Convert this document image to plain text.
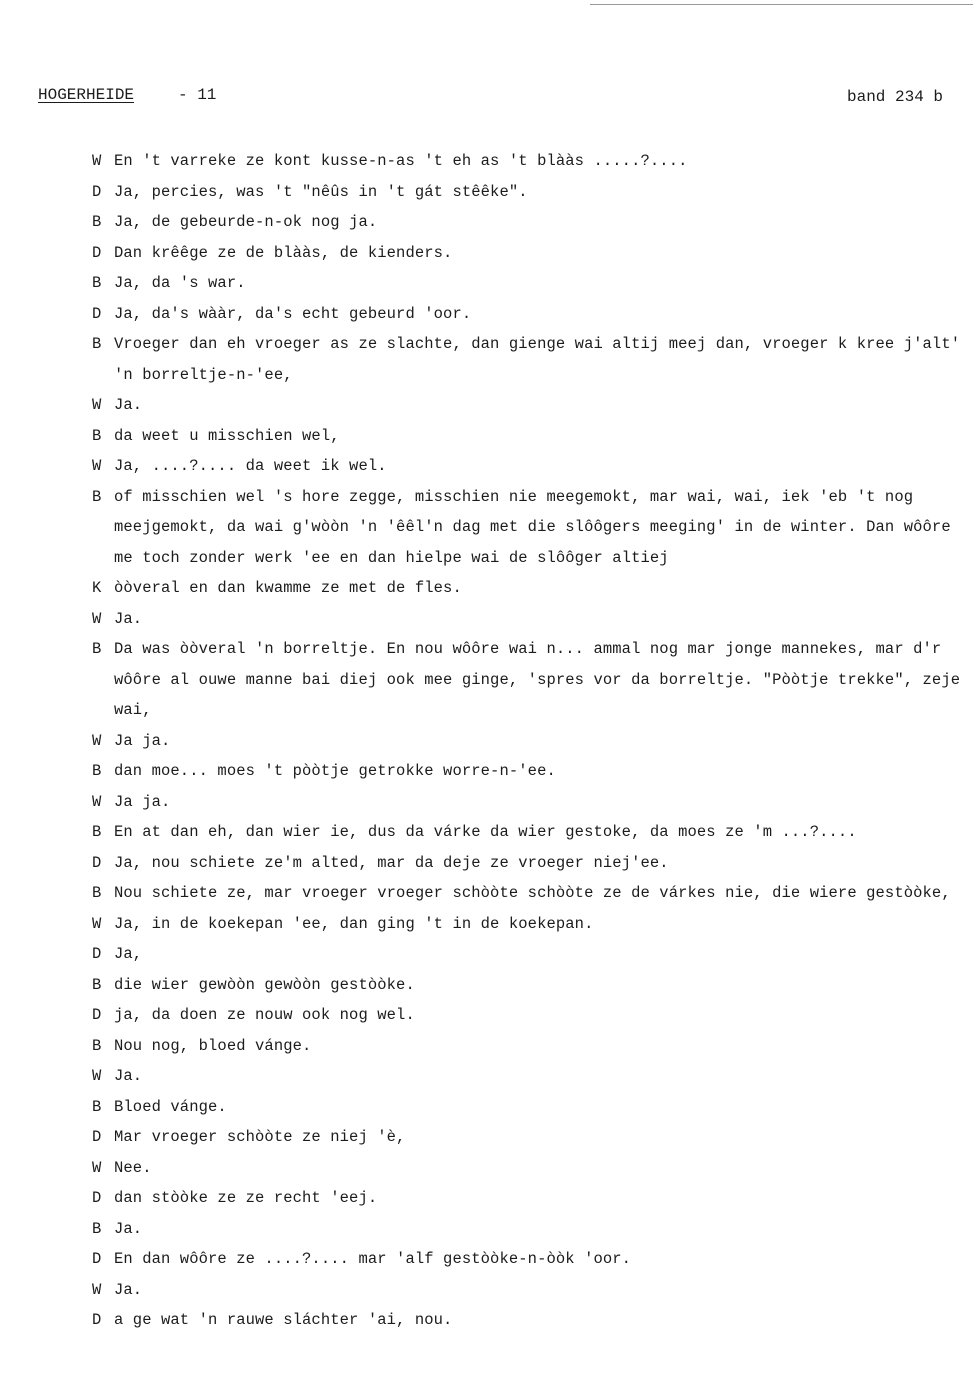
HOGERHEIDE	- 11	band 234 b
W En 't varreke ze kont kusse-n-as 't eh as 't blààs .....?....
D Ja, percies, was 't "nêûs in 't gát stêêke".
B Ja, de gebeurde-n-ok nog ja.
D Dan krêêge ze de blààs, de kienders.
B Ja, da 's war.
D Ja, da's wààr, da's echt gebeurd 'oor.
B Vroeger dan eh vroeger as ze slachte, dan gienge wai altij meej dan, vroeger k kree j'alt' 'n borreltje-n-'ee,
W Ja.
B da weet u misschien wel,
W Ja, ....?.... da weet ik wel.
B of misschien wel 's hore zegge, misschien nie meegemokt, mar wai, wai, iek 'eb 't nog meejgemokt, da wai g'wòòn 'n 'êêl'n dag met die slôôgers meeging' in de winter. Dan wôôre me toch zonder werk 'ee en dan hielpe wai de slôôger altiej
K òòveral en dan kwamme ze met de fles.
W Ja.
B Da was òòveral 'n borreltje. En nou wôôre wai n... ammal nog mar jonge mannekes, mar d'r wôôre al ouwe manne bai diej ook mee ginge, 'spres vor da borreltje. "Pòòtje trekke", zeje wai,
W Ja ja.
B dan moe... moes 't pòòtje getrokke worre-n-'ee.
W Ja ja.
B En at dan eh, dan wier ie, dus da várke da wier gestoke, da moes ze 'm ...?....
D Ja, nou schiete ze'm alted, mar da deje ze vroeger niej'ee.
B Nou schiete ze, mar vroeger vroeger schòòte schòòte ze de várkes nie, die wiere gestòòke,
W Ja, in de koekepan 'ee, dan ging 't in de koekepan.
D Ja,
B die wier gewòòn gewòòn gestòòke.
D ja, da doen ze nouw ook nog wel.
B Nou nog, bloed vánge.
W Ja.
B Bloed vánge.
D Mar vroeger schòòte ze niej 'è,
W Nee.
D dan stòòke ze ze recht 'eej.
B Ja.
D En dan wôôre ze ....?.... mar 'alf gestòòke-n-òòk 'oor.
W Ja.
D a ge wat 'n rauwe sláchter 'ai, nou.
